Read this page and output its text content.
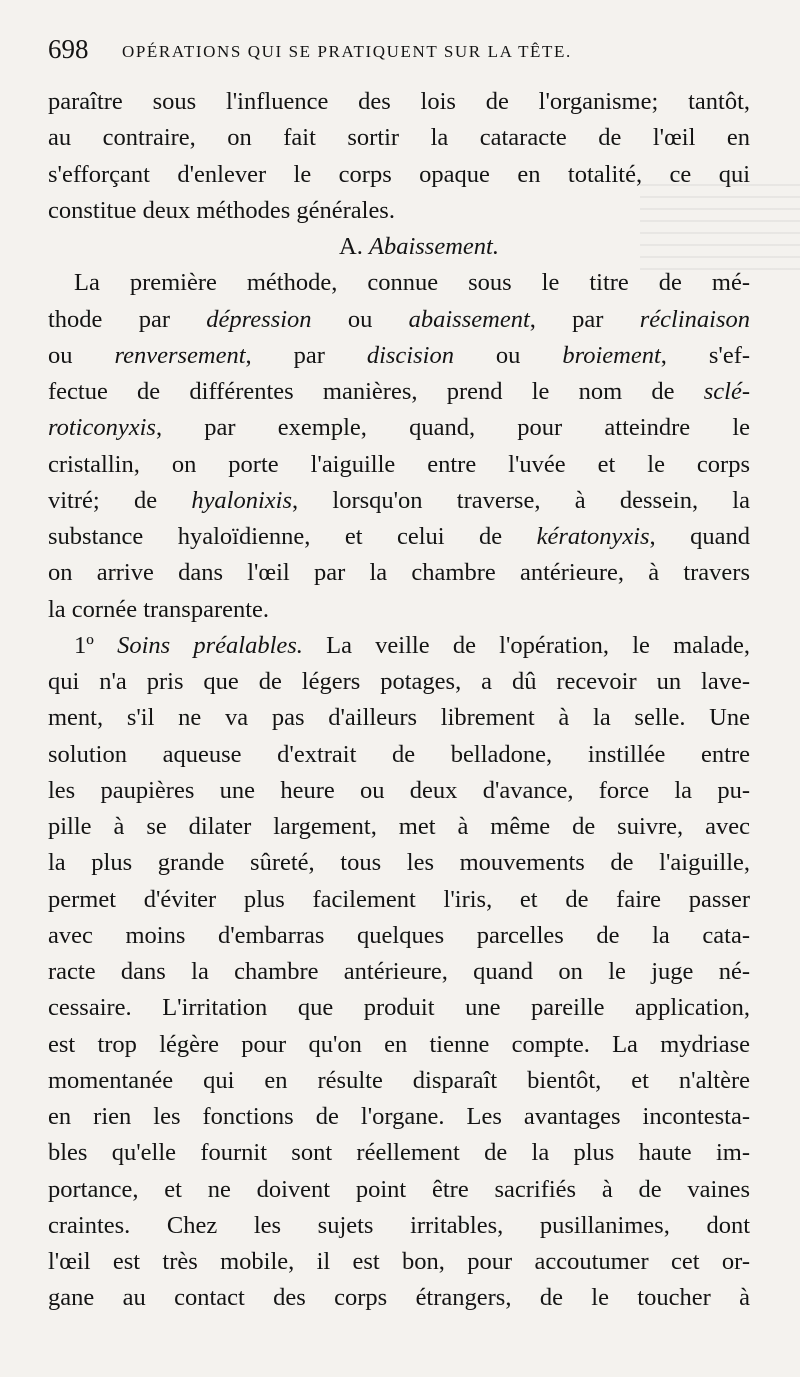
698 OPÉRATIONS QUI SE PRATIQUENT SUR LA TÊTE.
paraître sous l'influence des lois de l'organisme; tantôt,
au contraire, on fait sortir la cataracte de l'œil en
s'efforçant d'enlever le corps opaque en totalité, ce qui
constitue deux méthodes générales.
A. Abaissement.
La première méthode, connue sous le titre de mé-
thode par dépression ou abaissement, par réclinaison
ou renversement, par discision ou broiement, s'ef-
fectue de différentes manières, prend le nom de sclé-
roticonyxis, par exemple, quand, pour atteindre le
cristallin, on porte l'aiguille entre l'uvée et le corps
vitré; de hyalonixis, lorsqu'on traverse, à dessein, la
substance hyaloïdienne, et celui de kératonyxis, quand
on arrive dans l'œil par la chambre antérieure, à travers
la cornée transparente.
1º Soins préalables. La veille de l'opération, le malade,
qui n'a pris que de légers potages, a dû recevoir un lave-
ment, s'il ne va pas d'ailleurs librement à la selle. Une
solution aqueuse d'extrait de belladone, instillée entre
les paupières une heure ou deux d'avance, force la pu-
pille à se dilater largement, met à même de suivre, avec
la plus grande sûreté, tous les mouvements de l'aiguille,
permet d'éviter plus facilement l'iris, et de faire passer
avec moins d'embarras quelques parcelles de la cata-
racte dans la chambre antérieure, quand on le juge né-
cessaire. L'irritation que produit une pareille application,
est trop légère pour qu'on en tienne compte. La mydriase
momentanée qui en résulte disparaît bientôt, et n'altère
en rien les fonctions de l'organe. Les avantages incontesta-
bles qu'elle fournit sont réellement de la plus haute im-
portance, et ne doivent point être sacrifiés à de vaines
craintes. Chez les sujets irritables, pusillanimes, dont
l'œil est très mobile, il est bon, pour accoutumer cet or-
gane au contact des corps étrangers, de le toucher à
